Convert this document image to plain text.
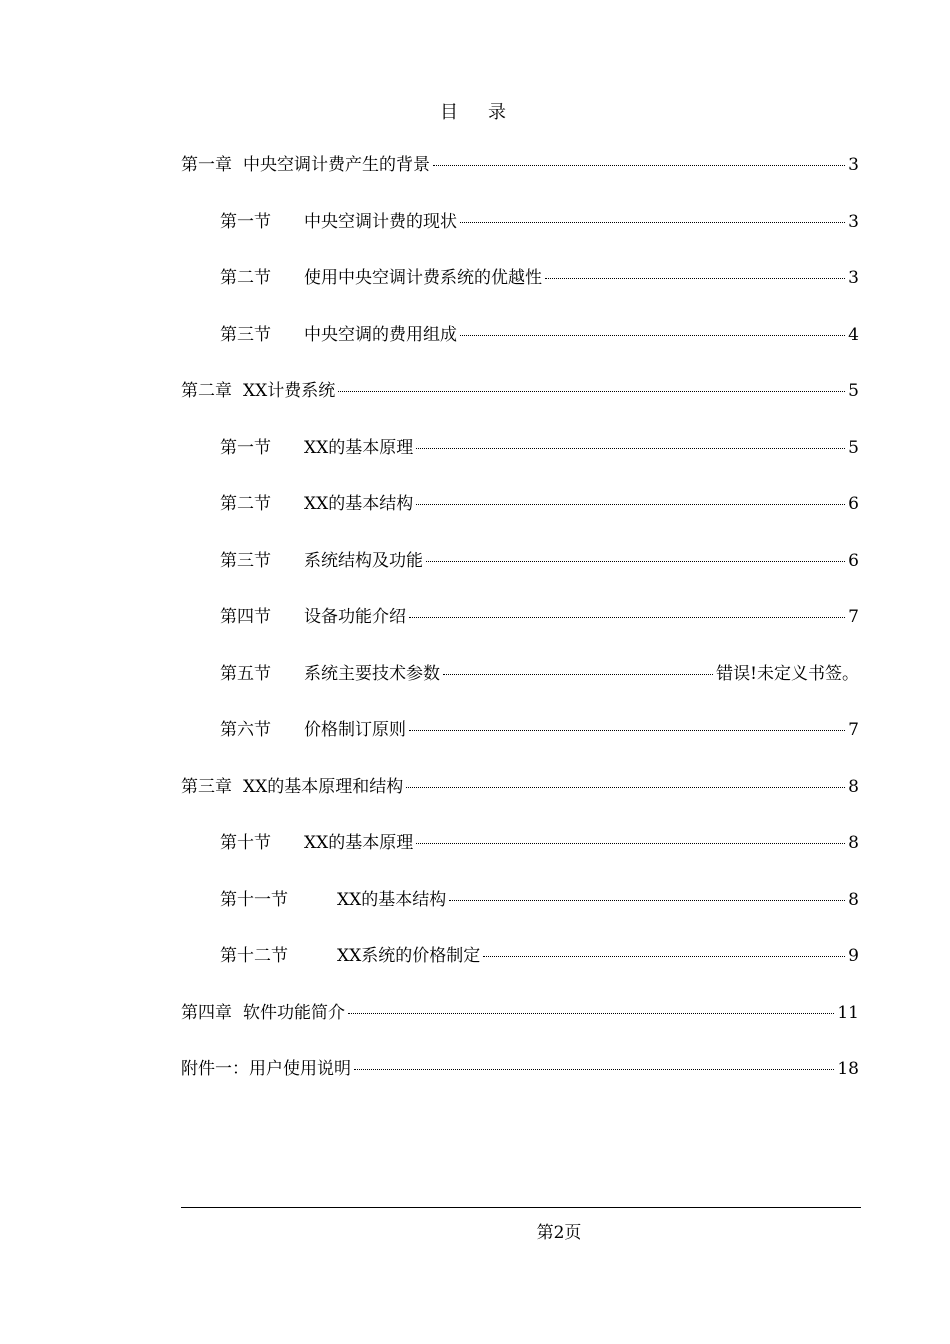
目 录
第一章 中央空调计费产生的背景	3
第一节	中央空调计费的现状	3
第二节	使用中央空调计费系统的优越性	3
第三节	中央空调的费用组成	4
第二章 XX计费系统	5
第一节	XX的基本原理	5
第二节	XX的基本结构	6
第三节	系统结构及功能	6
第四节	设备功能介绍	7
第五节	系统主要技术参数	错误!未定义书签。
第六节	价格制订原则	7
第三章 XX的基本原理和结构	8
第十节	XX的基本原理	8
第十一节	XX的基本结构	8
第十二节	XX系统的价格制定	9
第四章 软件功能简介	11
附件一： 用户使用说明	18
第2页
